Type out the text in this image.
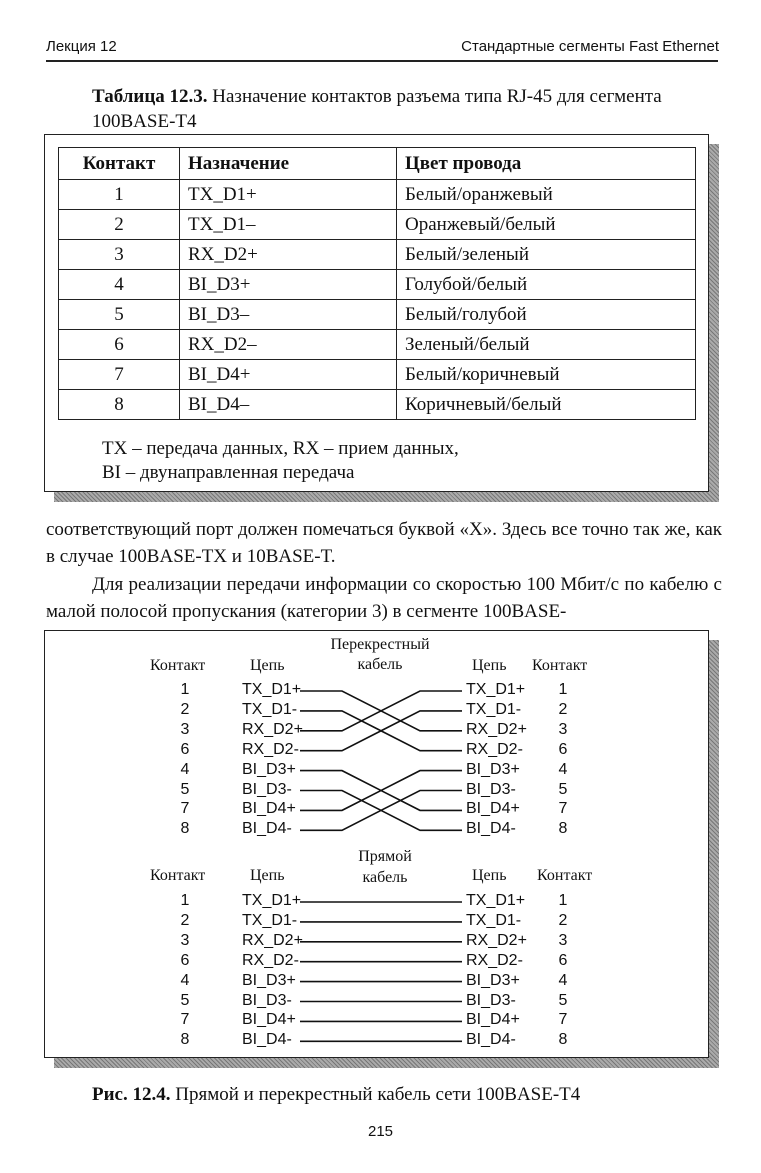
Лекция 12	Стандартные сегменты Fast Ethernet
Таблица 12.3. Назначение контактов разъема типа RJ-45 для сегмента 100BASE-T4
Контакт	Назначение	Цвет провода
1	TX_D1+	Белый/оранжевый
2	TX_D1–	Оранжевый/белый
3	RX_D2+	Белый/зеленый
4	BI_D3+	Голубой/белый
5	BI_D3–	Белый/голубой
6	RX_D2–	Зеленый/белый
7	BI_D4+	Белый/коричневый
8	BI_D4–	Коричневый/белый
TX – передача данных, RX – прием данных,
BI – двунаправленная передача
соответствующий порт должен помечаться буквой «X». Здесь все точно так же, как в случае 100BASE-TX и 10BASE-T.
Для реализации передачи информации со скоростью 100 Мбит/с по кабелю с малой полосой пропускания (категории 3) в сегменте 100BASE-
Перекрестный
кабель
Контакт	Цепь	Цепь Контакт
1	TX_D1+	TX_D1+ 1
2	TX_D1-	TX_D1- 2
3	RX_D2+	RX_D2+ 3
6	RX_D2-	RX_D2- 6
4	BI_D3+	BI_D3+ 4
5	BI_D3-	BI_D3-	5
7	BI_D4+	BI_D4+ 7
8	BI_D4-	BI_D4-	8
Прямой
кабель
Контакт	Цепь	Цепь Контакт
1	TX_D1+	TX_D1+ 1
2	TX_D1-	TX_D1- 2
3	RX_D2+	RX_D2+ 3
6	RX_D2-	RX_D2- 6
4	BI_D3+	BI_D3+ 4
5	BI_D3-	BI_D3-	5
7	BI_D4+	BI_D4+ 7
8	BI_D4-	BI_D4-	8
Рис. 12.4. Прямой и перекрестный кабель сети 100BASE-T4
215
